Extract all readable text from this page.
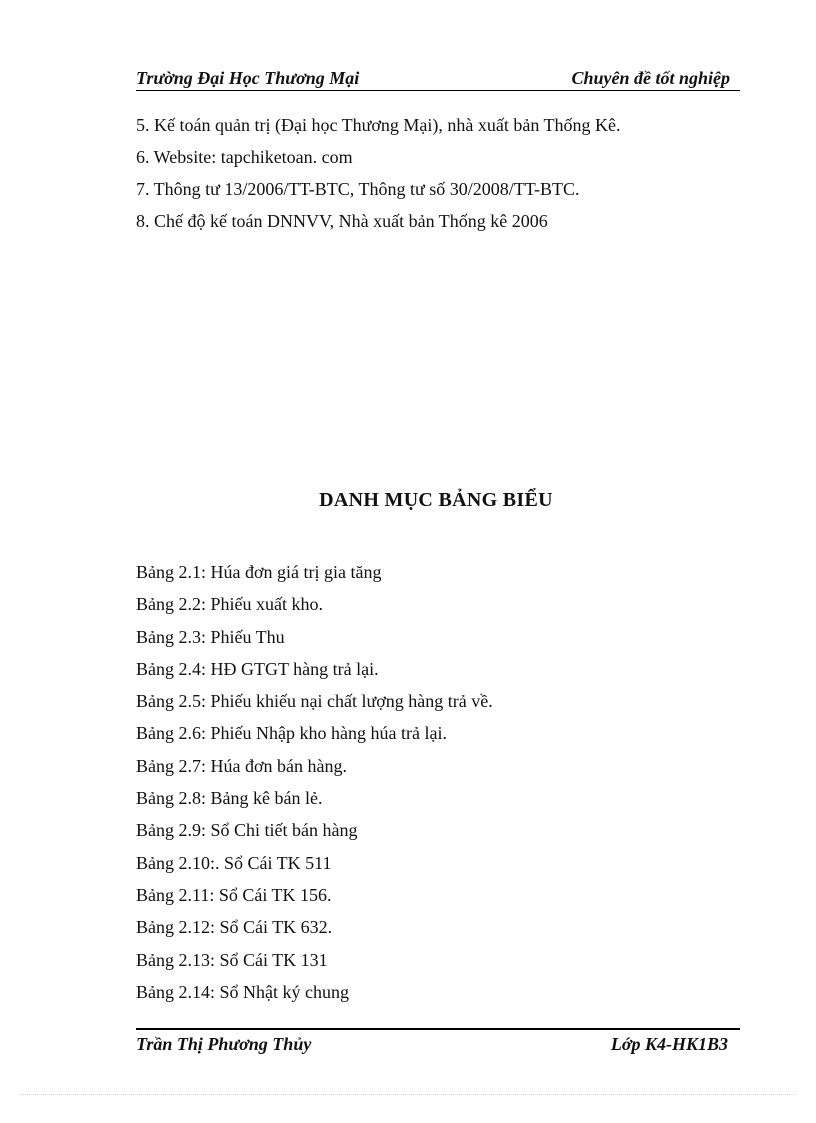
Trường Đại Học Thương Mại	Chuyên đề tốt nghiệp
5. Kế toán quản trị (Đại học Thương Mại), nhà xuất bản Thống Kê.
6. Website: tapchiketoan. com
7. Thông tư 13/2006/TT-BTC, Thông tư số 30/2008/TT-BTC.
8. Chế độ kế toán DNNVV, Nhà xuất bản Thống kê 2006
DANH MỤC BẢNG BIỂU
Bảng 2.1: Húa đơn giá trị gia tăng
Bảng 2.2: Phiếu xuất kho.
Bảng 2.3: Phiếu Thu
Bảng 2.4: HĐ GTGT hàng trả lại.
Bảng 2.5: Phiếu khiếu nại chất lượng hàng trả về.
Bảng 2.6: Phiếu Nhập kho hàng húa trả lại.
Bảng 2.7: Húa đơn bán hàng.
Bảng 2.8: Bảng kê bán lẻ.
Bảng 2.9: Sổ Chi tiết bán hàng
Bảng 2.10:. Sổ Cái TK 511
Bảng 2.11: Sổ Cái TK 156.
Bảng 2.12: Sổ Cái TK 632.
Bảng 2.13: Sổ Cái TK 131
Bảng 2.14: Sổ Nhật ký chung
Trần Thị Phương Thủy	Lớp K4-HK1B3
